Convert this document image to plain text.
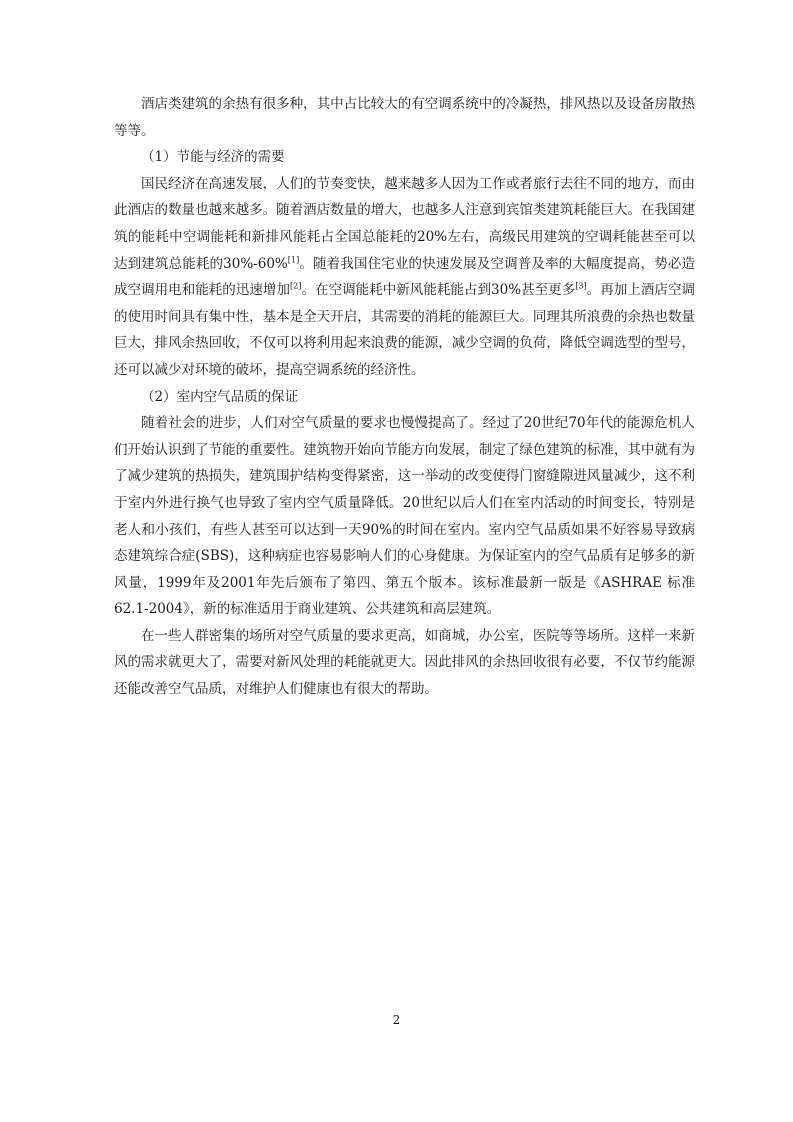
酒店类建筑的余热有很多种，其中占比较大的有空调系统中的冷凝热，排风热以及设备房散热等等。

（1）节能与经济的需要

国民经济在高速发展，人们的节奏变快，越来越多人因为工作或者旅行去往不同的地方，而由此酒店的数量也越来越多。随着酒店数量的增大，也越多人注意到宾馆类建筑耗能巨大。在我国建筑的能耗中空调能耗和新排风能耗占全国总能耗的20%左右，高级民用建筑的空调耗能甚至可以达到建筑总能耗的30%-60%[1]。随着我国住宅业的快速发展及空调普及率的大幅度提高，势必造成空调用电和能耗的迅速增加[2]。在空调能耗中新风能耗能占到30%甚至更多[3]。再加上酒店空调的使用时间具有集中性，基本是全天开启，其需要的消耗的能源巨大。同理其所浪费的余热也数量巨大，排风余热回收，不仅可以将利用起来浪费的能源，减少空调的负荷，降低空调选型的型号，还可以减少对环境的破坏，提高空调系统的经济性。

（2）室内空气品质的保证

随着社会的进步，人们对空气质量的要求也慢慢提高了。经过了20世纪70年代的能源危机人们开始认识到了节能的重要性。建筑物开始向节能方向发展，制定了绿色建筑的标准，其中就有为了减少建筑的热损失，建筑围护结构变得紧密，这一举动的改变使得门窗缝隙进风量减少，这不利于室内外进行换气也导致了室内空气质量降低。20世纪以后人们在室内活动的时间变长，特别是老人和小孩们，有些人甚至可以达到一天90%的时间在室内。室内空气品质如果不好容易导致病态建筑综合症(SBS)，这种病症也容易影响人们的心身健康。为保证室内的空气品质有足够多的新风量，1999年及2001年先后颁布了第四、第五个版本。该标准最新一版是《ASHRAE 标准 62.1-2004》，新的标准适用于商业建筑、公共建筑和高层建筑。

在一些人群密集的场所对空气质量的要求更高，如商城，办公室，医院等等场所。这样一来新风的需求就更大了，需要对新风处理的耗能就更大。因此排风的余热回收很有必要，不仅节约能源还能改善空气品质，对维护人们健康也有很大的帮助。

2
